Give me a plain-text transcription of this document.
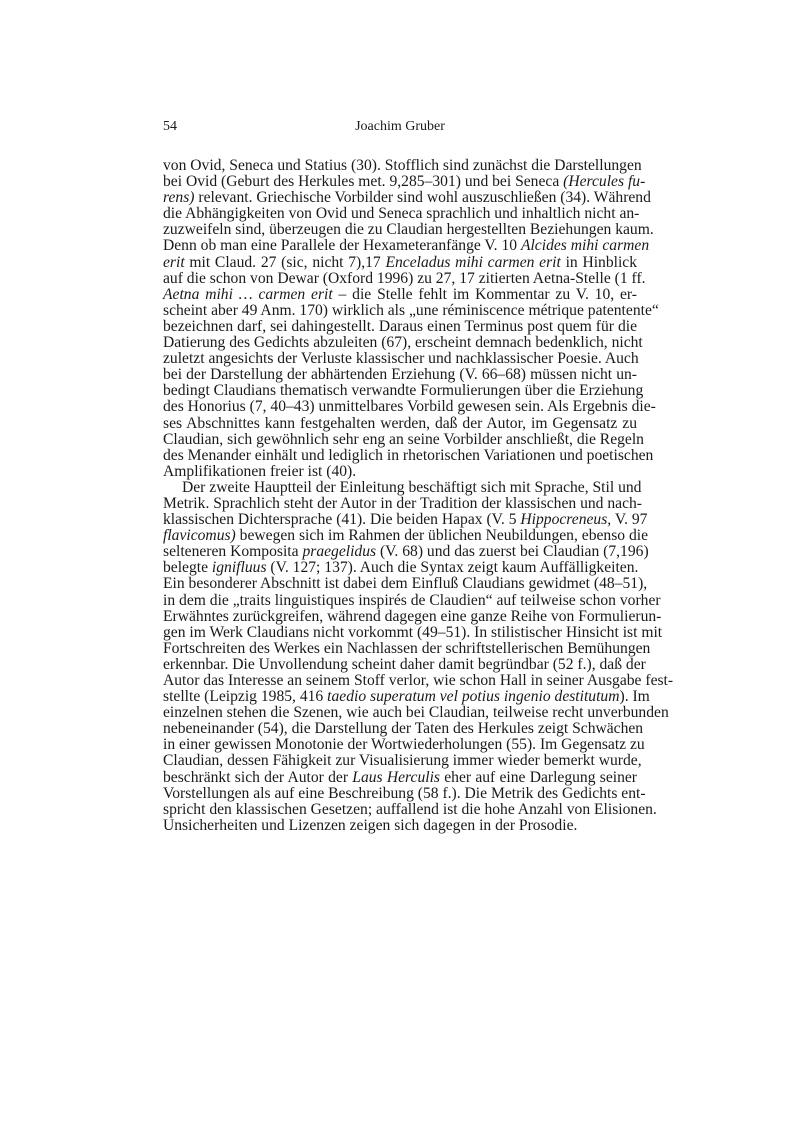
54	Joachim Gruber
von Ovid, Seneca und Statius (30). Stofflich sind zunächst die Darstellungen
bei Ovid (Geburt des Herkules met. 9,285–301) und bei Seneca (Hercules fu-
rens) relevant. Griechische Vorbilder sind wohl auszuschließen (34). Während
die Abhängigkeiten von Ovid und Seneca sprachlich und inhaltlich nicht an-
zuzweifeln sind, überzeugen die zu Claudian hergestellten Beziehungen kaum.
Denn ob man eine Parallele der Hexameteranfänge V. 10 Alcides mihi carmen
erit mit Claud. 27 (sic, nicht 7),17 Enceladus mihi carmen erit in Hinblick
auf die schon von Dewar (Oxford 1996) zu 27, 17 zitierten Aetna-Stelle (1 ff.
Aetna mihi … carmen erit – die Stelle fehlt im Kommentar zu V. 10, er-
scheint aber 49 Anm. 170) wirklich als „une réminiscence métrique patentente“
bezeichnen darf, sei dahingestellt. Daraus einen Terminus post quem für die
Datierung des Gedichts abzuleiten (67), erscheint demnach bedenklich, nicht
zuletzt angesichts der Verluste klassischer und nachklassischer Poesie. Auch
bei der Darstellung der abhärtenden Erziehung (V. 66–68) müssen nicht un-
bedingt Claudians thematisch verwandte Formulierungen über die Erziehung
des Honorius (7, 40–43) unmittelbares Vorbild gewesen sein. Als Ergebnis die-
ses Abschnittes kann festgehalten werden, daß der Autor, im Gegensatz zu
Claudian, sich gewöhnlich sehr eng an seine Vorbilder anschließt, die Regeln
des Menander einhält und lediglich in rhetorischen Variationen und poetischen
Amplifikationen freier ist (40).
Der zweite Hauptteil der Einleitung beschäftigt sich mit Sprache, Stil und
Metrik. Sprachlich steht der Autor in der Tradition der klassischen und nach-
klassischen Dichtersprache (41). Die beiden Hapax (V. 5 Hippocreneus, V. 97
flavicomus) bewegen sich im Rahmen der üblichen Neubildungen, ebenso die
selteneren Komposita praegelidus (V. 68) und das zuerst bei Claudian (7,196)
belegte ignifluus (V. 127; 137). Auch die Syntax zeigt kaum Auffälligkeiten.
Ein besonderer Abschnitt ist dabei dem Einfluß Claudians gewidmet (48–51),
in dem die „traits linguistiques inspirés de Claudien“ auf teilweise schon vorher
Erwähntes zurückgreifen, während dagegen eine ganze Reihe von Formulierun-
gen im Werk Claudians nicht vorkommt (49–51). In stilistischer Hinsicht ist mit
Fortschreiten des Werkes ein Nachlassen der schriftstellerischen Bemühungen
erkennbar. Die Unvollendung scheint daher damit begründbar (52 f.), daß der
Autor das Interesse an seinem Stoff verlor, wie schon Hall in seiner Ausgabe fest-
stellte (Leipzig 1985, 416 taedio superatum vel potius ingenio destitutum). Im
einzelnen stehen die Szenen, wie auch bei Claudian, teilweise recht unverbunden
nebeneinander (54), die Darstellung der Taten des Herkules zeigt Schwächen
in einer gewissen Monotonie der Wortwiederholungen (55). Im Gegensatz zu
Claudian, dessen Fähigkeit zur Visualisierung immer wieder bemerkt wurde,
beschränkt sich der Autor der Laus Herculis eher auf eine Darlegung seiner
Vorstellungen als auf eine Beschreibung (58 f.). Die Metrik des Gedichts ent-
spricht den klassischen Gesetzen; auffallend ist die hohe Anzahl von Elisionen.
Unsicherheiten und Lizenzen zeigen sich dagegen in der Prosodie.
